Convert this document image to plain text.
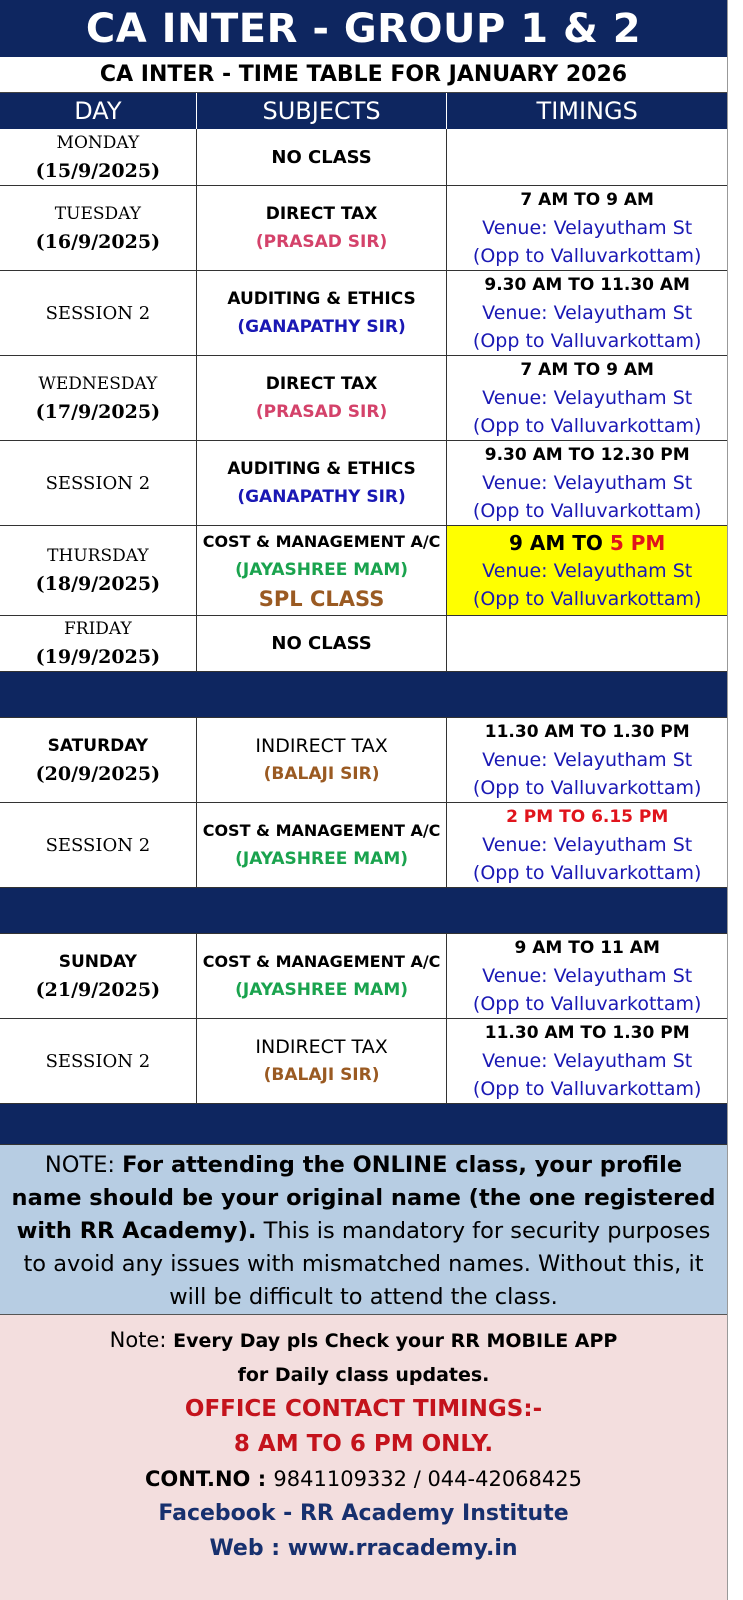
CA INTER - GROUP 1 & 2
CA INTER - TIME TABLE FOR JANUARY 2026
DAY	SUBJECTS	TIMINGS
MONDAY
(15/9/2025)
NO CLASS
TUESDAY
(16/9/2025)
DIRECT TAX
(PRASAD SIR)
7 AM TO 9 AM
Venue: Velayutham St
(Opp to Valluvarkottam)
SESSION 2
AUDITING & ETHICS
(GANAPATHY SIR)
9.30 AM TO 11.30 AM
Venue: Velayutham St
(Opp to Valluvarkottam)
WEDNESDAY
(17/9/2025)
DIRECT TAX
(PRASAD SIR)
7 AM TO 9 AM
Venue: Velayutham St
(Opp to Valluvarkottam)
SESSION 2
AUDITING & ETHICS
(GANAPATHY SIR)
9.30 AM TO 12.30 PM
Venue: Velayutham St
(Opp to Valluvarkottam)
THURSDAY
(18/9/2025)
COST & MANAGEMENT A/C
(JAYASHREE MAM)
SPL CLASS
9 AM TO 5 PM
Venue: Velayutham St
(Opp to Valluvarkottam)
FRIDAY
(19/9/2025)
NO CLASS
SATURDAY
(20/9/2025)
INDIRECT TAX
(BALAJI SIR)
11.30 AM TO 1.30 PM
Venue: Velayutham St
(Opp to Valluvarkottam)
SESSION 2
COST & MANAGEMENT A/C
(JAYASHREE MAM)
2 PM TO 6.15 PM
Venue: Velayutham St
(Opp to Valluvarkottam)
SUNDAY
(21/9/2025)
COST & MANAGEMENT A/C
(JAYASHREE MAM)
9 AM TO 11 AM
Venue: Velayutham St
(Opp to Valluvarkottam)
SESSION 2
INDIRECT TAX
(BALAJI SIR)
11.30 AM TO 1.30 PM
Venue: Velayutham St
(Opp to Valluvarkottam)
NOTE: For attending the ONLINE class, your profile name should be your original name (the one registered with RR Academy). This is mandatory for security purposes to avoid any issues with mismatched names. Without this, it will be difficult to attend the class.
Note: Every Day pls Check your RR MOBILE APP
for Daily class updates.
OFFICE CONTACT TIMINGS:-
8 AM TO 6 PM ONLY.
CONT.NO : 9841109332 / 044-42068425
Facebook - RR Academy Institute
Web : www.rracademy.in
